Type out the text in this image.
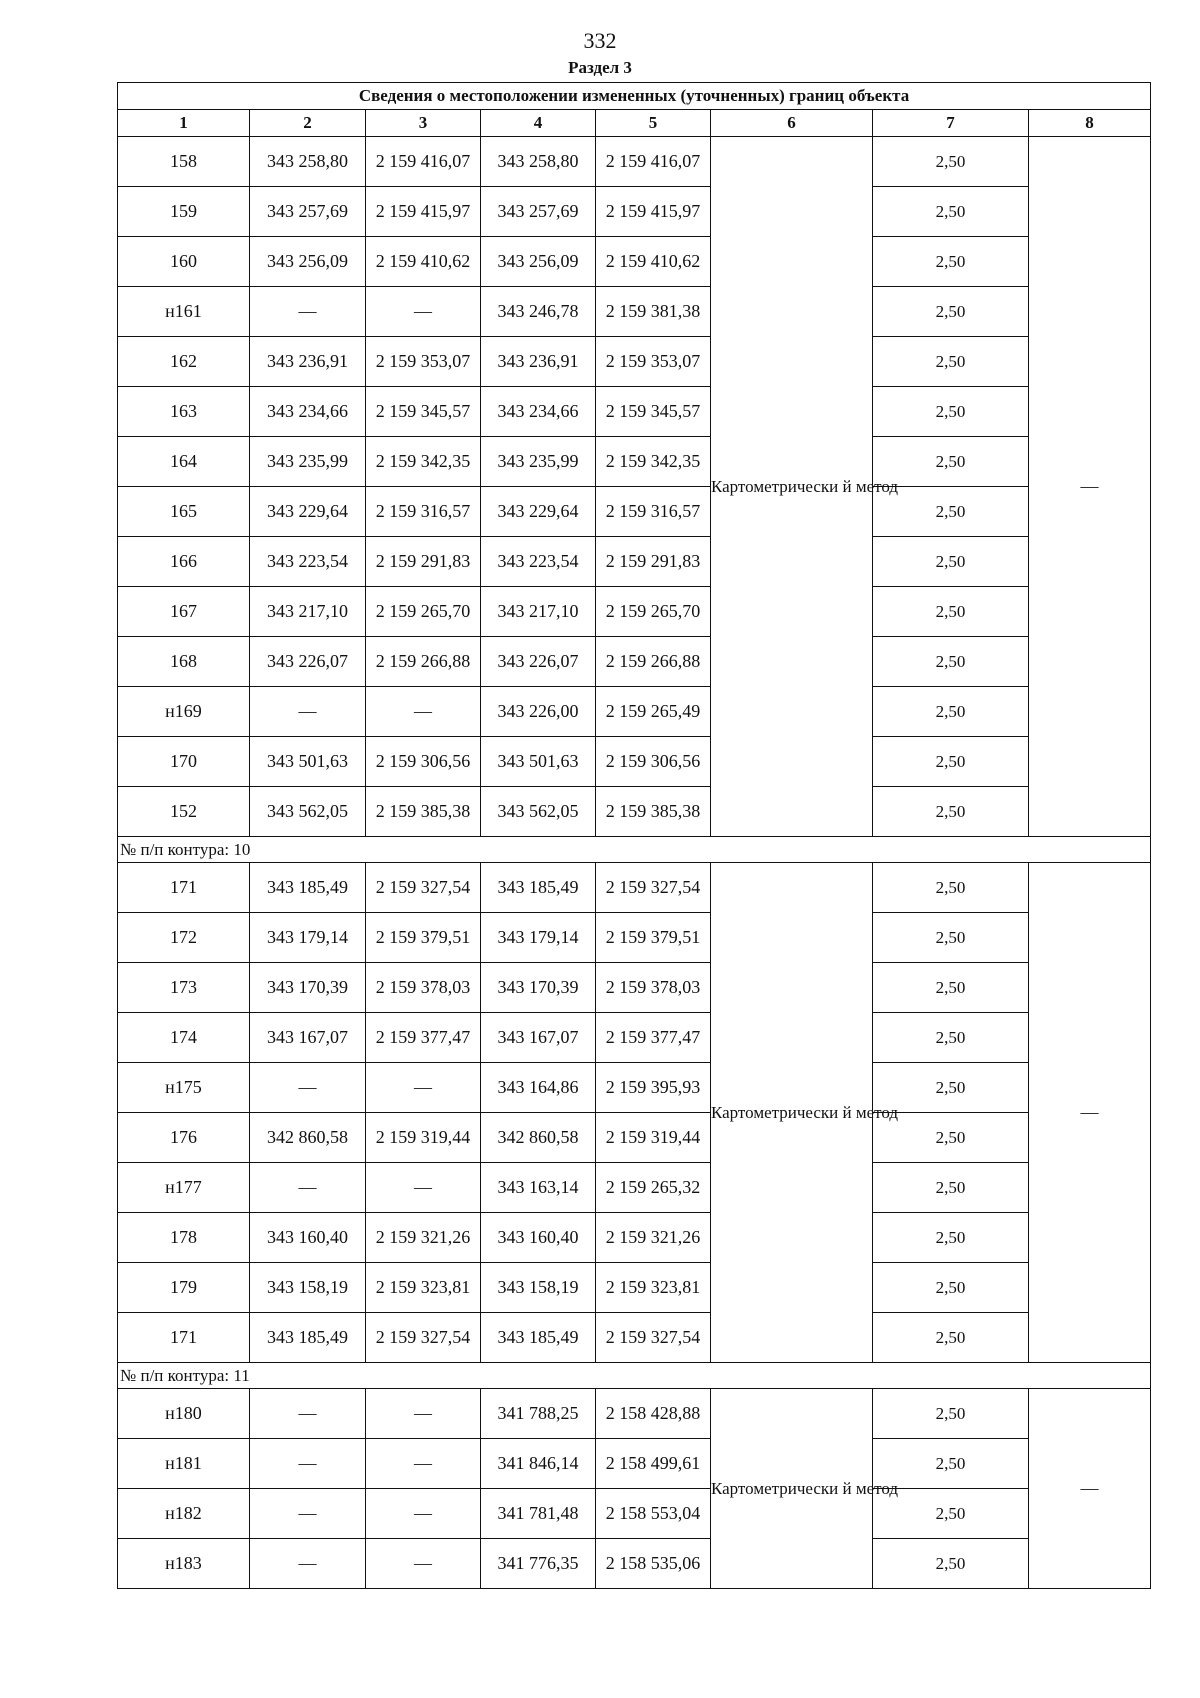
332
Раздел 3
Сведения о местоположении измененных (уточненных) границ объекта							
1	2	3	4	5	6	7	8
158	343 258,80	2 159 416,07	343 258,80	2 159 416,07	Картометрически й метод	2,50	—
159	343 257,69	2 159 415,97	343 257,69	2 159 415,97		2,50	
160	343 256,09	2 159 410,62	343 256,09	2 159 410,62		2,50	
н161	—	—	343 246,78	2 159 381,38		2,50	
162	343 236,91	2 159 353,07	343 236,91	2 159 353,07		2,50	
163	343 234,66	2 159 345,57	343 234,66	2 159 345,57		2,50	
164	343 235,99	2 159 342,35	343 235,99	2 159 342,35		2,50	
165	343 229,64	2 159 316,57	343 229,64	2 159 316,57		2,50	
166	343 223,54	2 159 291,83	343 223,54	2 159 291,83		2,50	
167	343 217,10	2 159 265,70	343 217,10	2 159 265,70		2,50	
168	343 226,07	2 159 266,88	343 226,07	2 159 266,88		2,50	
н169	—	—	343 226,00	2 159 265,49		2,50	
170	343 501,63	2 159 306,56	343 501,63	2 159 306,56		2,50	
152	343 562,05	2 159 385,38	343 562,05	2 159 385,38		2,50	
№ п/п контура: 10							
171	343 185,49	2 159 327,54	343 185,49	2 159 327,54	Картометрически й метод	2,50	—
172	343 179,14	2 159 379,51	343 179,14	2 159 379,51		2,50	
173	343 170,39	2 159 378,03	343 170,39	2 159 378,03		2,50	
174	343 167,07	2 159 377,47	343 167,07	2 159 377,47		2,50	
н175	—	—	343 164,86	2 159 395,93		2,50	
176	342 860,58	2 159 319,44	342 860,58	2 159 319,44		2,50	
н177	—	—	343 163,14	2 159 265,32		2,50	
178	343 160,40	2 159 321,26	343 160,40	2 159 321,26		2,50	
179	343 158,19	2 159 323,81	343 158,19	2 159 323,81		2,50	
171	343 185,49	2 159 327,54	343 185,49	2 159 327,54		2,50	
№ п/п контура: 11							
н180	—	—	341 788,25	2 158 428,88	Картометрически й метод	2,50	—
н181	—	—	341 846,14	2 158 499,61		2,50	
н182	—	—	341 781,48	2 158 553,04		2,50	
н183	—	—	341 776,35	2 158 535,06		2,50	
